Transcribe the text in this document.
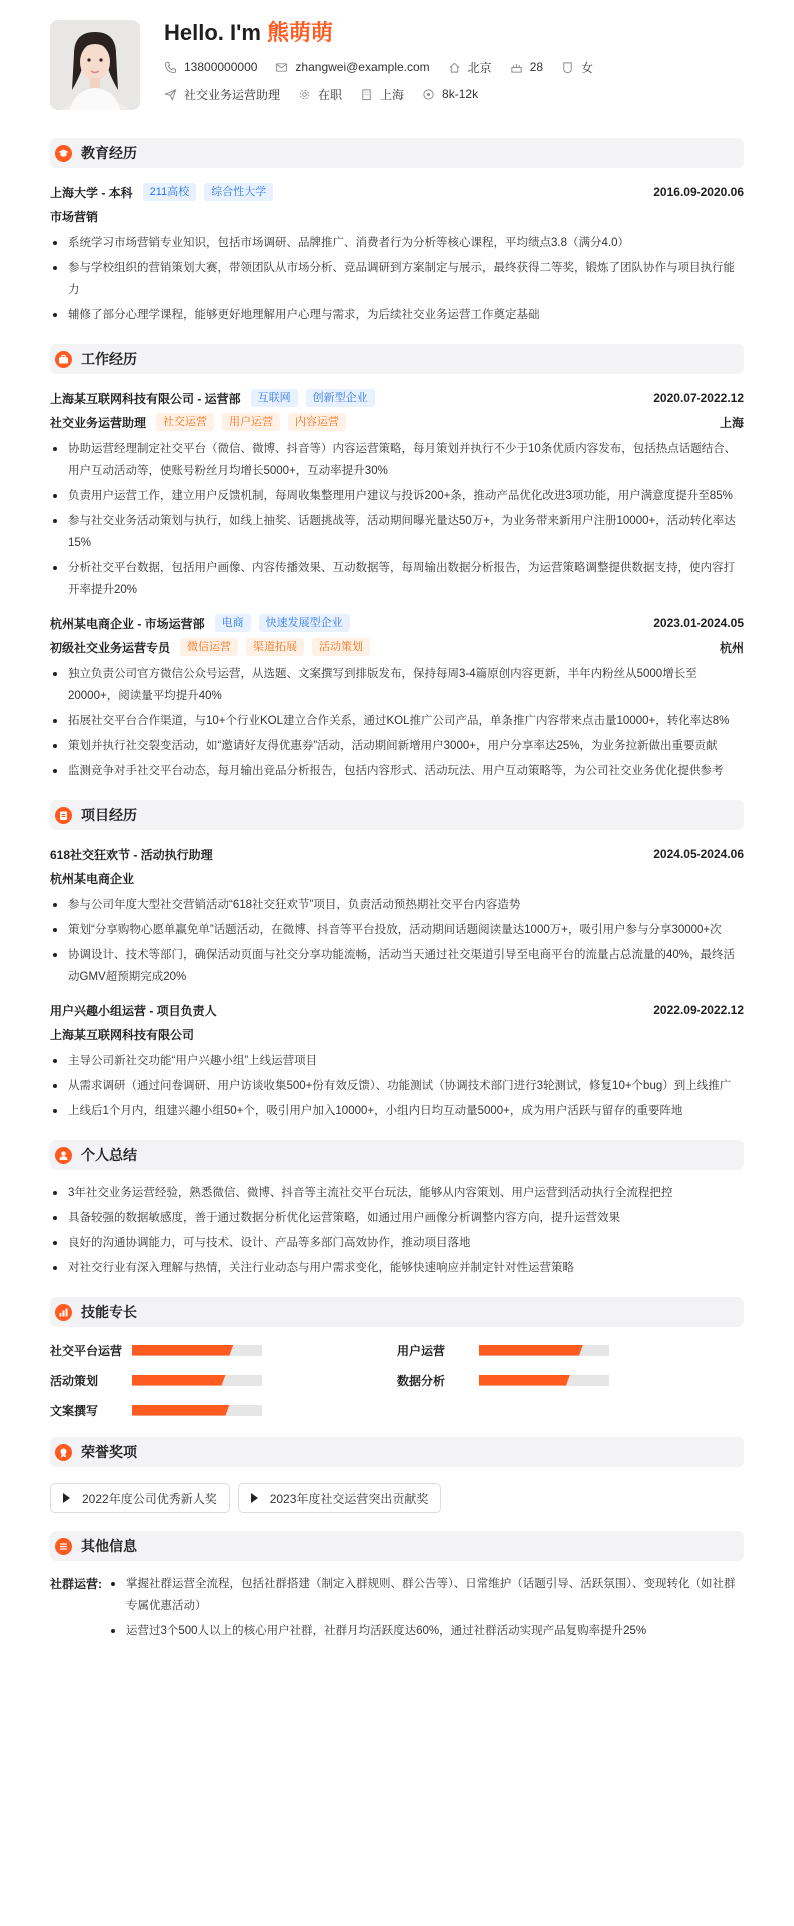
Hello. I'm 熊萌萌
13800000000	zhangwei@example.com	北京	28	女
社交业务运营助理	在职	上海	8k-12k
教育经历
上海大学 - 本科	211高校	综合性大学	2016.09-2020.06
市场营销
系统学习市场营销专业知识，包括市场调研、品牌推广、消费者行为分析等核心课程，平均绩点3.8（满分4.0）
参与学校组织的营销策划大赛，带领团队从市场分析、竞品调研到方案制定与展示，最终获得二等奖，锻炼了团队协作与项目执行能力
辅修了部分心理学课程，能够更好地理解用户心理与需求，为后续社交业务运营工作奠定基础
工作经历
上海某互联网科技有限公司 - 运营部	互联网	创新型企业	2020.07-2022.12
社交业务运营助理	社交运营	用户运营	内容运营	上海
协助运营经理制定社交平台（微信、微博、抖音等）内容运营策略，每月策划并执行不少于10条优质内容发布，包括热点话题结合、用户互动活动等，使账号粉丝月均增长5000+，互动率提升30%
负责用户运营工作，建立用户反馈机制，每周收集整理用户建议与投诉200+条，推动产品优化改进3项功能，用户满意度提升至85%
参与社交业务活动策划与执行，如线上抽奖、话题挑战等，活动期间曝光量达50万+，为业务带来新用户注册10000+，活动转化率达15%
分析社交平台数据，包括用户画像、内容传播效果、互动数据等，每周输出数据分析报告，为运营策略调整提供数据支持，使内容打开率提升20%
杭州某电商企业 - 市场运营部	电商	快速发展型企业	2023.01-2024.05
初级社交业务运营专员	微信运营	渠道拓展	活动策划	杭州
独立负责公司官方微信公众号运营，从选题、文案撰写到排版发布，保持每周3-4篇原创内容更新，半年内粉丝从5000增长至20000+，阅读量平均提升40%
拓展社交平台合作渠道，与10+个行业KOL建立合作关系，通过KOL推广公司产品，单条推广内容带来点击量10000+，转化率达8%
策划并执行社交裂变活动，如“邀请好友得优惠券”活动，活动期间新增用户3000+，用户分享率达25%，为业务拉新做出重要贡献
监测竞争对手社交平台动态，每月输出竞品分析报告，包括内容形式、活动玩法、用户互动策略等，为公司社交业务优化提供参考
项目经历
618社交狂欢节 - 活动执行助理	2024.05-2024.06
杭州某电商企业
参与公司年度大型社交营销活动“618社交狂欢节”项目，负责活动预热期社交平台内容造势
策划“分享购物心愿单赢免单”话题活动，在微博、抖音等平台投放，活动期间话题阅读量达1000万+，吸引用户参与分享30000+次
协调设计、技术等部门，确保活动页面与社交分享功能流畅，活动当天通过社交渠道引导至电商平台的流量占总流量的40%，最终活动GMV超预期完成20%
用户兴趣小组运营 - 项目负责人	2022.09-2022.12
上海某互联网科技有限公司
主导公司新社交功能“用户兴趣小组”上线运营项目
从需求调研（通过问卷调研、用户访谈收集500+份有效反馈）、功能测试（协调技术部门进行3轮测试，修复10+个bug）到上线推广
上线后1个月内，组建兴趣小组50+个，吸引用户加入10000+，小组内日均互动量5000+，成为用户活跃与留存的重要阵地
个人总结
3年社交业务运营经验，熟悉微信、微博、抖音等主流社交平台玩法，能够从内容策划、用户运营到活动执行全流程把控
具备较强的数据敏感度，善于通过数据分析优化运营策略，如通过用户画像分析调整内容方向，提升运营效果
良好的沟通协调能力，可与技术、设计、产品等多部门高效协作，推动项目落地
对社交行业有深入理解与热情，关注行业动态与用户需求变化，能够快速响应并制定针对性运营策略
技能专长
社交平台运营	用户运营
活动策划	数据分析
文案撰写
荣誉奖项
2022年度公司优秀新人奖	2023年度社交运营突出贡献奖
其他信息
社群运营:	掌握社群运营全流程，包括社群搭建（制定入群规则、群公告等）、日常维护（话题引导、活跃氛围）、变现转化（如社群专属优惠活动）
运营过3个500人以上的核心用户社群，社群月均活跃度达60%，通过社群活动实现产品复购率提升25%
